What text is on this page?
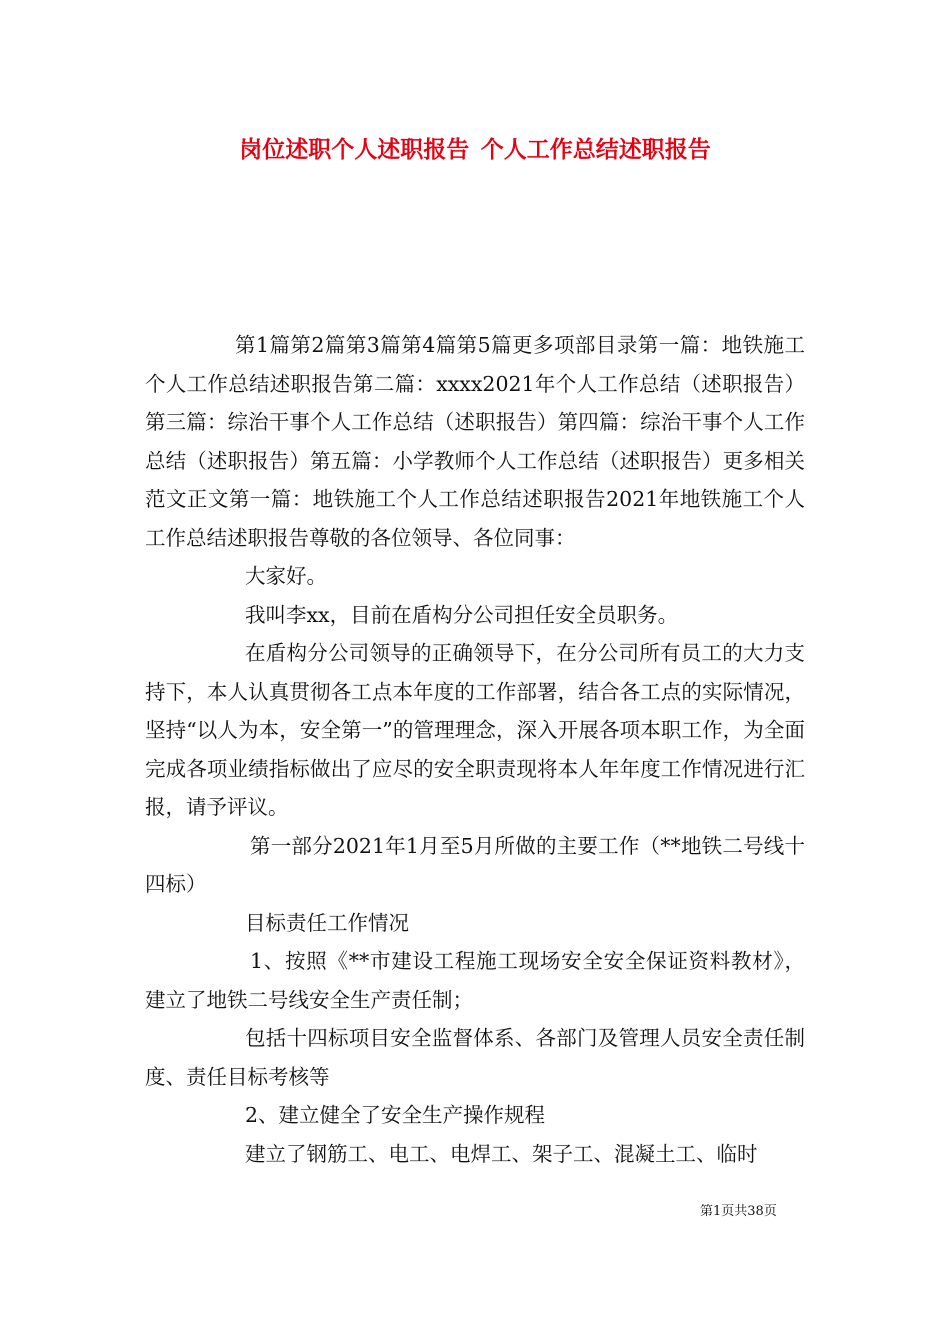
岗位述职个人述职报告  个人工作总结述职报告

第1篇第2篇第3篇第4篇第5篇更多项部目录第一篇：地铁施工个人工作总结述职报告第二篇：xxxx2021年个人工作总结（述职报告）第三篇：综治干事个人工作总结（述职报告）第四篇：综治干事个人工作总结（述职报告）第五篇：小学教师个人工作总结（述职报告）更多相关范文正文第一篇：地铁施工个人工作总结述职报告2021年地铁施工个人工作总结述职报告尊敬的各位领导、各位同事：

大家好。

我叫李xx，目前在盾构分公司担任安全员职务。

在盾构分公司领导的正确领导下，在分公司所有员工的大力支持下，本人认真贯彻各工点本年度的工作部署，结合各工点的实际情况，坚持“以人为本，安全第一”的管理理念，深入开展各项本职工作，为全面完成各项业绩指标做出了应尽的安全职责现将本人年年度工作情况进行汇报，请予评议。

第一部分2021年1月至5月所做的主要工作（**地铁二号线十四标）

目标责任工作情况

1、按照《**市建设工程施工现场安全安全保证资料教材》，建立了地铁二号线安全生产责任制；

包括十四标项目安全监督体系、各部门及管理人员安全责任制度、责任目标考核等

2、建立健全了安全生产操作规程

建立了钢筋工、电工、电焊工、架子工、混凝土工、临时

第1页共38页
